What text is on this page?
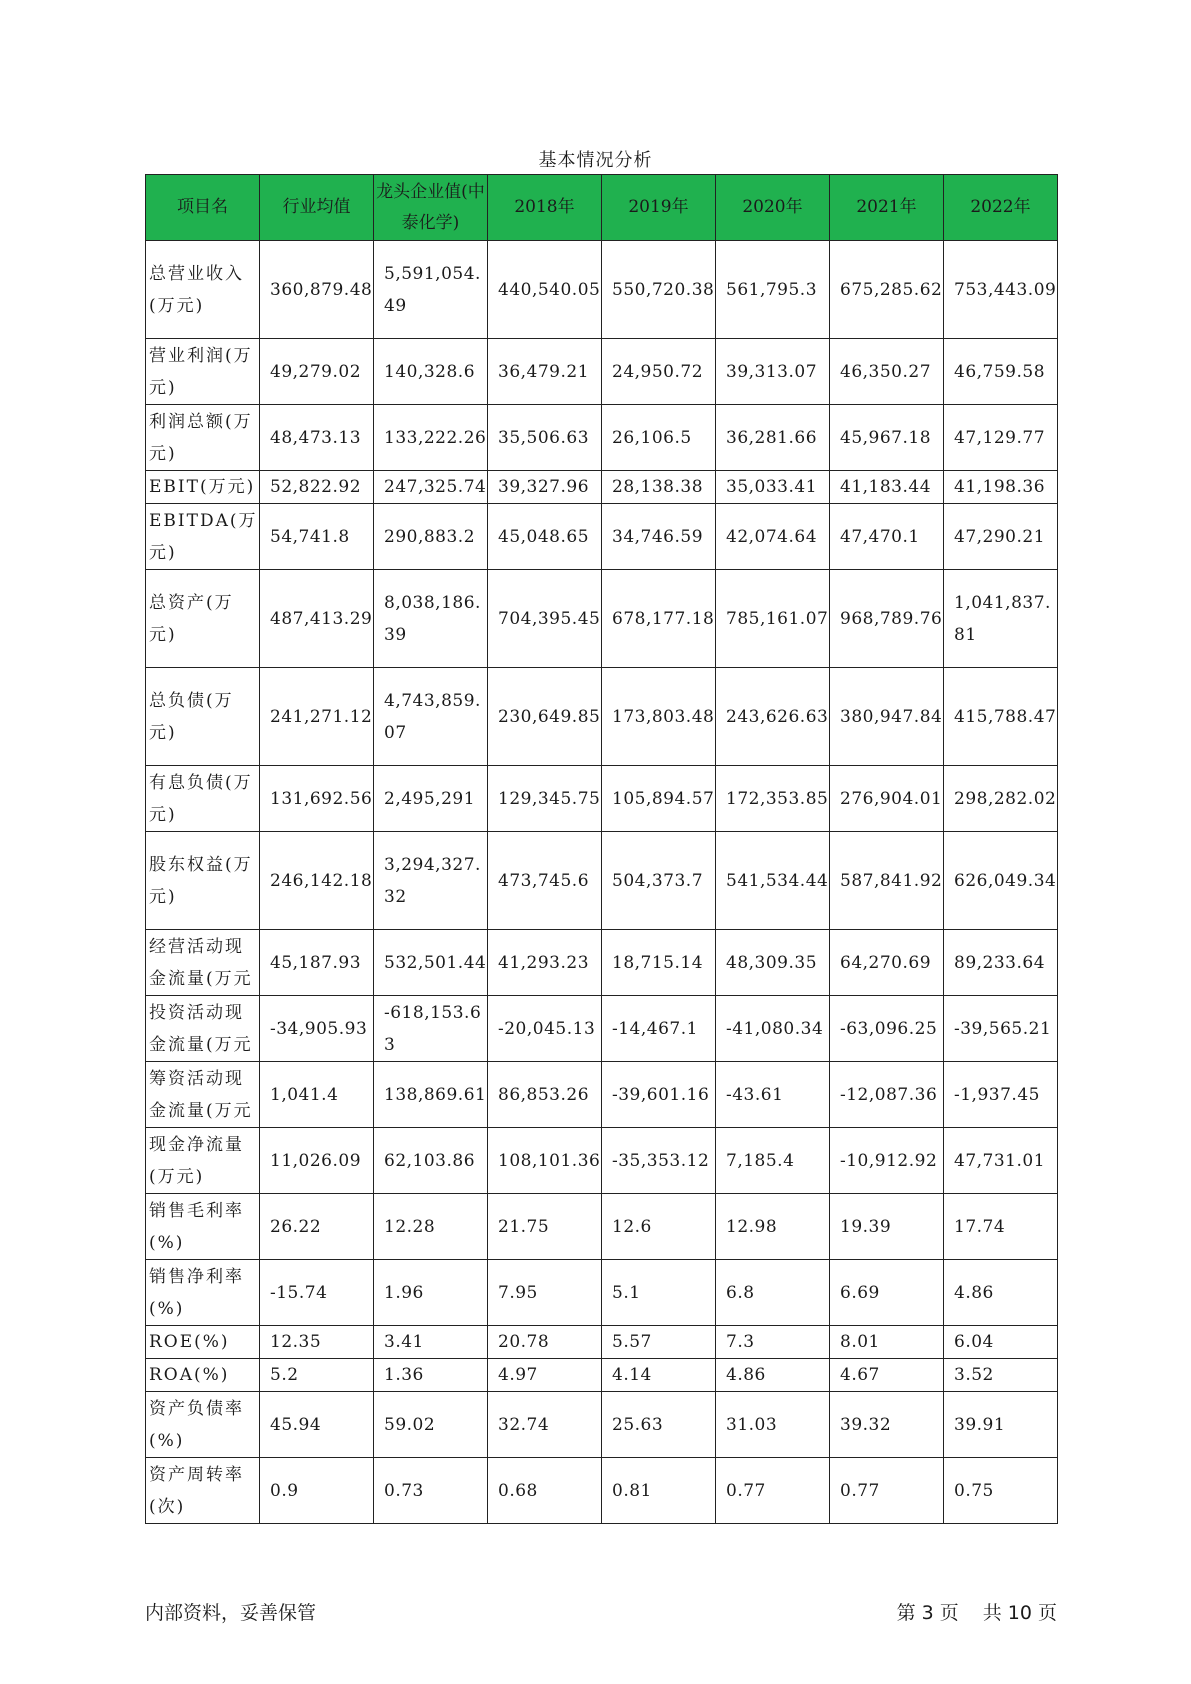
基本情况分析
项目名	行业均值	龙头企业值(中泰化学)	2018年	2019年	2020年	2021年	2022年
总营业收入(万元)	360,879.48	5,591,054.49	440,540.05	550,720.38	561,795.3	675,285.62	753,443.09
营业利润(万元)	49,279.02	140,328.6	36,479.21	24,950.72	39,313.07	46,350.27	46,759.58
利润总额(万元)	48,473.13	133,222.26	35,506.63	26,106.5	36,281.66	45,967.18	47,129.77
EBIT(万元)	52,822.92	247,325.74	39,327.96	28,138.38	35,033.41	41,183.44	41,198.36
EBITDA(万元)	54,741.8	290,883.2	45,048.65	34,746.59	42,074.64	47,470.1	47,290.21
总资产(万元)	487,413.29	8,038,186.39	704,395.45	678,177.18	785,161.07	968,789.76	1,041,837.81
总负债(万元)	241,271.12	4,743,859.07	230,649.85	173,803.48	243,626.63	380,947.84	415,788.47
有息负债(万元)	131,692.56	2,495,291	129,345.75	105,894.57	172,353.85	276,904.01	298,282.02
股东权益(万元)	246,142.18	3,294,327.32	473,745.6	504,373.7	541,534.44	587,841.92	626,049.34
经营活动现金流量(万元	45,187.93	532,501.44	41,293.23	18,715.14	48,309.35	64,270.69	89,233.64
投资活动现金流量(万元	-34,905.93	-618,153.63	-20,045.13	-14,467.1	-41,080.34	-63,096.25	-39,565.21
筹资活动现金流量(万元	1,041.4	138,869.61	86,853.26	-39,601.16	-43.61	-12,087.36	-1,937.45
现金净流量(万元)	11,026.09	62,103.86	108,101.36	-35,353.12	7,185.4	-10,912.92	47,731.01
销售毛利率(%)	26.22	12.28	21.75	12.6	12.98	19.39	17.74
销售净利率(%)	-15.74	1.96	7.95	5.1	6.8	6.69	4.86
ROE(%)	12.35	3.41	20.78	5.57	7.3	8.01	6.04
ROA(%)	5.2	1.36	4.97	4.14	4.86	4.67	3.52
资产负债率(%)	45.94	59.02	32.74	25.63	31.03	39.32	39.91
资产周转率(次)	0.9	0.73	0.68	0.81	0.77	0.77	0.75
内部资料，妥善保管	第 3 页 共 10 页
